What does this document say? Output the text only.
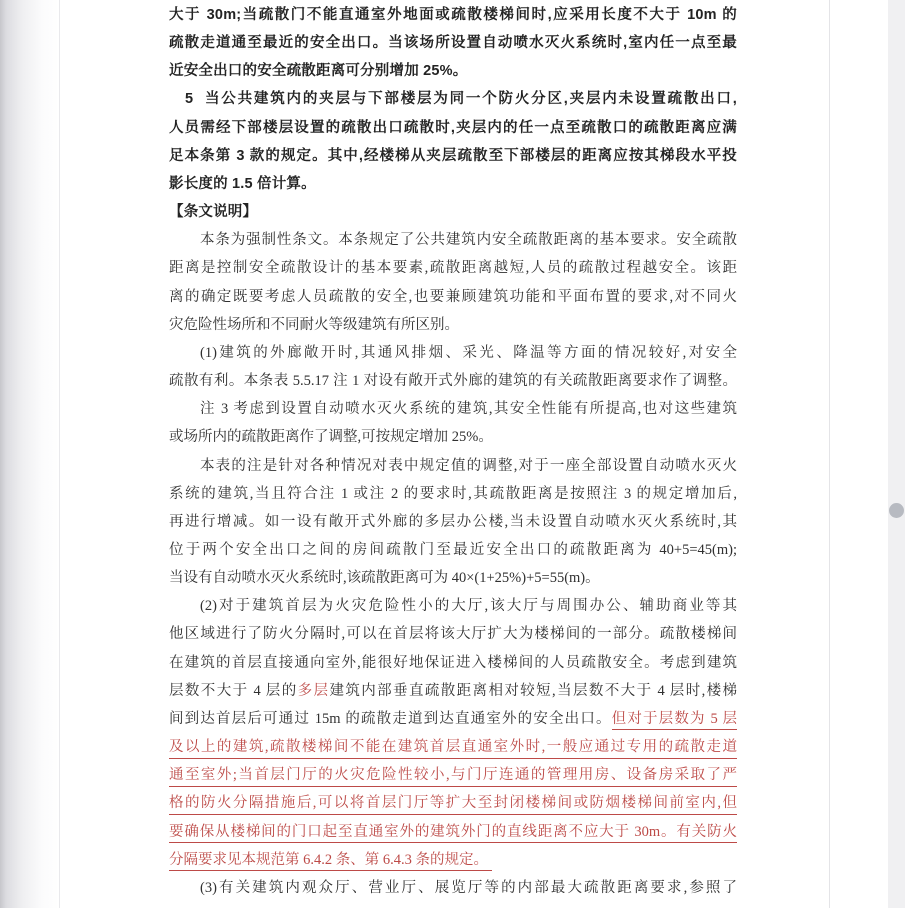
大于 30m;当疏散门不能直通室外地面或疏散楼梯间时,应采用长度不大于 10m 的
疏散走道通至最近的安全出口。当该场所设置自动喷水灭火系统时,室内任一点至最
近安全出口的安全疏散距离可分别增加 25%。
5  当公共建筑内的夹层与下部楼层为同一个防火分区,夹层内未设置疏散出口,
人员需经下部楼层设置的疏散出口疏散时,夹层内的任一点至疏散口的疏散距离应满
足本条第 3 款的规定。其中,经楼梯从夹层疏散至下部楼层的距离应按其梯段水平投
影长度的 1.5 倍计算。
【条文说明】
本条为强制性条文。本条规定了公共建筑内安全疏散距离的基本要求。安全疏散
距离是控制安全疏散设计的基本要素,疏散距离越短,人员的疏散过程越安全。该距
离的确定既要考虑人员疏散的安全,也要兼顾建筑功能和平面布置的要求,对不同火
灾危险性场所和不同耐火等级建筑有所区别。
(1)建筑的外廊敞开时,其通风排烟、采光、降温等方面的情况较好,对安全
疏散有利。本条表 5.5.17 注 1 对设有敞开式外廊的建筑的有关疏散距离要求作了调整。
注 3 考虑到设置自动喷水灭火系统的建筑,其安全性能有所提高,也对这些建筑
或场所内的疏散距离作了调整,可按规定增加 25%。
本表的注是针对各种情况对表中规定值的调整,对于一座全部设置自动喷水灭火
系统的建筑,当且符合注 1 或注 2 的要求时,其疏散距离是按照注 3 的规定增加后,
再进行增减。如一设有敞开式外廊的多层办公楼,当未设置自动喷水灭火系统时,其
位于两个安全出口之间的房间疏散门至最近安全出口的疏散距离为 40+5=45(m);
当设有自动喷水灭火系统时,该疏散距离可为 40×(1+25%)+5=55(m)。
(2)对于建筑首层为火灾危险性小的大厅,该大厅与周围办公、辅助商业等其
他区域进行了防火分隔时,可以在首层将该大厅扩大为楼梯间的一部分。疏散楼梯间
在建筑的首层直接通向室外,能很好地保证进入楼梯间的人员疏散安全。考虑到建筑
层数不大于 4 层的多层建筑内部垂直疏散距离相对较短,当层数不大于 4 层时,楼梯
间到达首层后可通过 15m 的疏散走道到达直通室外的安全出口。但对于层数为 5 层
及以上的建筑,疏散楼梯间不能在建筑首层直通室外时,一般应通过专用的疏散走道
通至室外;当首层门厅的火灾危险性较小,与门厅连通的管理用房、设备房采取了严
格的防火分隔措施后,可以将首层门厅等扩大至封闭楼梯间或防烟楼梯间前室内,但
要确保从楼梯间的门口起至直通室外的建筑外门的直线距离不应大于 30m。有关防火
分隔要求见本规范第 6.4.2 条、第 6.4.3 条的规定。
(3)有关建筑内观众厅、营业厅、展览厅等的内部最大疏散距离要求,参照了
